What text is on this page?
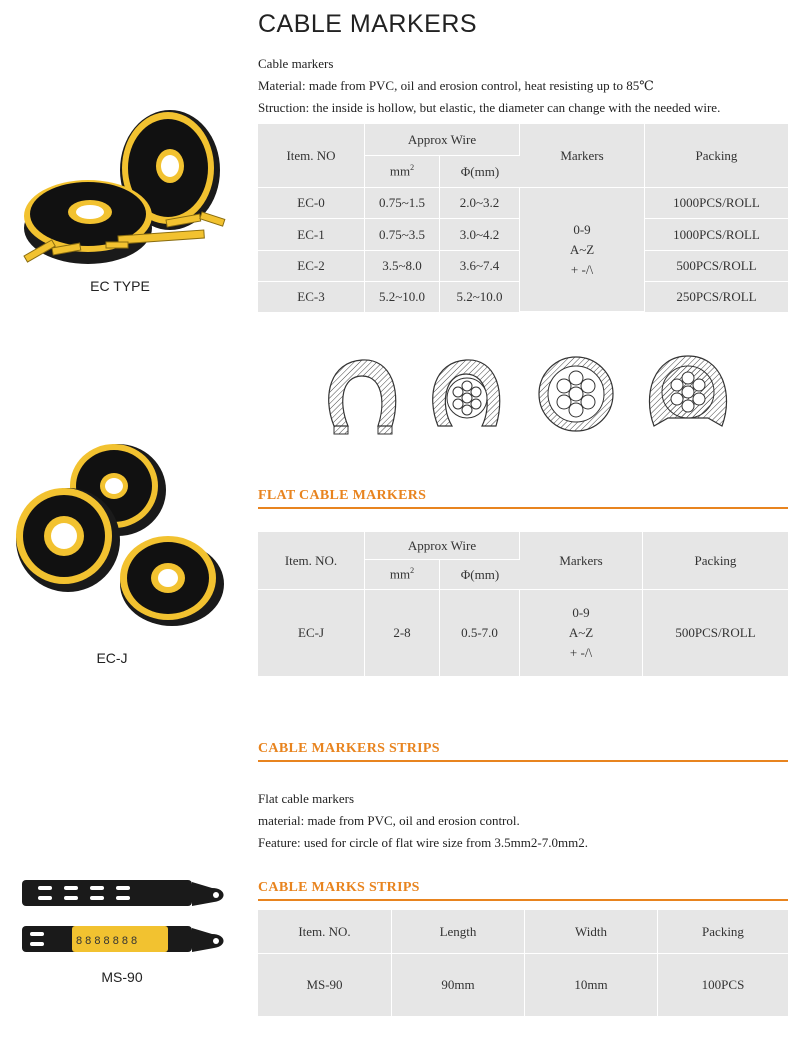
CABLE MARKERS
Cable markers
Material: made from PVC, oil and erosion control, heat resisting up to 85℃
Struction: the inside is hollow, but elastic, the diameter can change with the needed wire.
EC TYPE
Item. NO	Approx Wire		Markers	Packing
	$mm^2$	Φ(mm)		
EC-0	0.75~1.5	2.0~3.2	0-9
A~Z
+ -/\	1000PCS/ROLL
EC-1	0.75~3.5	3.0~4.2		1000PCS/ROLL
EC-2	3.5~8.0	3.6~7.4		500PCS/ROLL
EC-3	5.2~10.0	5.2~10.0		250PCS/ROLL
FLAT CABLE MARKERS
EC-J
Item. NO.	Approx Wire		Markers	Packing
	$mm^2$	Φ(mm)		
EC-J	2-8	0.5-7.0	0-9
A~Z
+ -/\	500PCS/ROLL
CABLE MARKERS STRIPS
Flat cable markers
material: made from PVC, oil and erosion control.
Feature: used for circle of flat wire size from 3.5mm2-7.0mm2.
CABLE MARKS STRIPS
8 8 8 8 8 8 8
MS-90
Item. NO.	Length	Width	Packing
MS-90	90mm	10mm	100PCS
